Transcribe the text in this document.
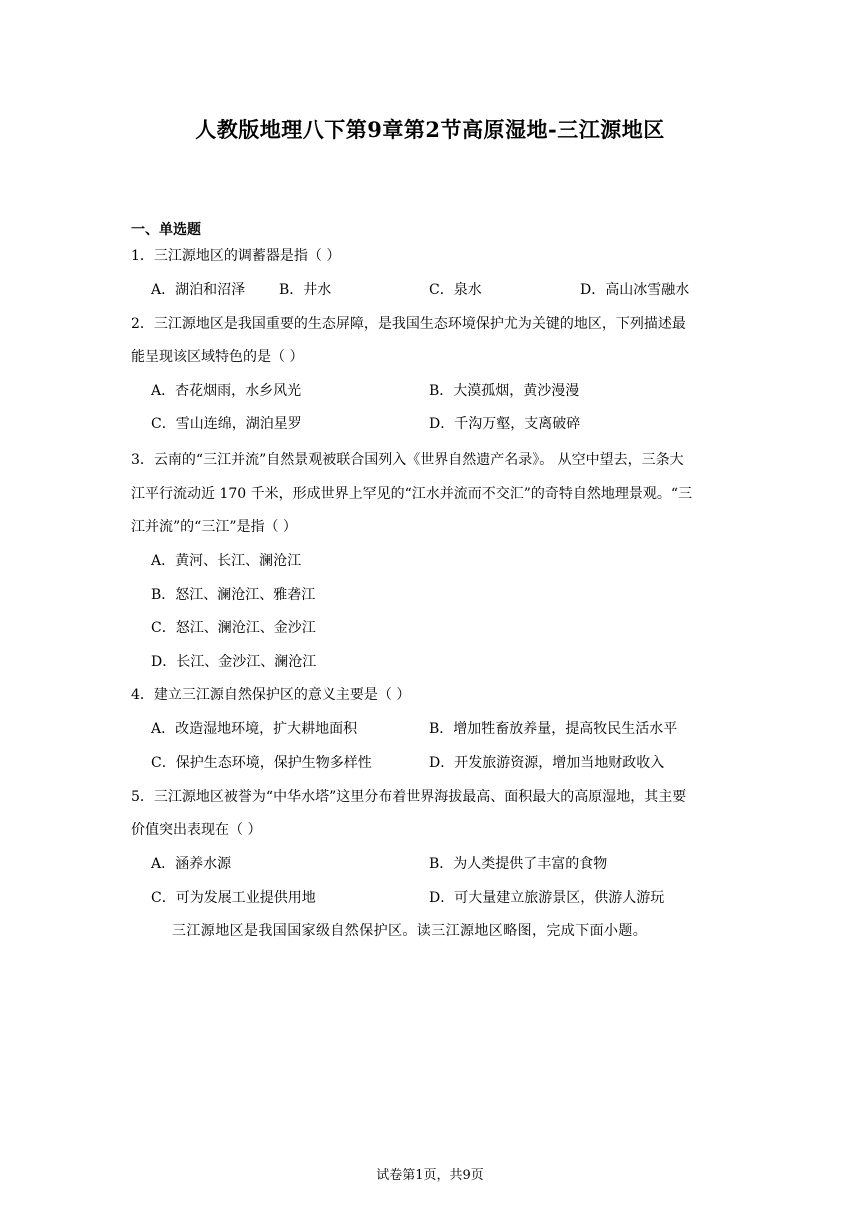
人教版地理八下第9章第2节高原湿地-三江源地区
一、单选题
1．三江源地区的调蓄器是指（ ）
A．湖泊和沼泽 B．井水	C．泉水	D．高山冰雪融水
2．三江源地区是我国重要的生态屏障，是我国生态环境保护尤为关键的地区，下列描述最
能呈现该区域特色的是（ ）
A．杏花烟雨，水乡风光	B．大漠孤烟，黄沙漫漫
C．雪山连绵，湖泊星罗	D．千沟万壑，支离破碎
3．云南的“三江并流”自然景观被联合国列入《世界自然遗产名录》。 从空中望去，三条大
江平行流动近 170 千米，形成世界上罕见的“江水并流而不交汇”的奇特自然地理景观。“三
江并流”的“三江”是指（ ）
A．黄河、长江、澜沧江
B．怒江、澜沧江、雅砻江
C．怒江、澜沧江、金沙江
D．长江、金沙江、澜沧江
4．建立三江源自然保护区的意义主要是（ ）
A．改造湿地环境，扩大耕地面积	B．增加牲畜放养量，提高牧民生活水平
C．保护生态环境，保护生物多样性	D．开发旅游资源，增加当地财政收入
5．三江源地区被誉为“中华水塔”这里分布着世界海拔最高、面积最大的高原湿地，其主要
价值突出表现在（ ）
A．涵养水源	B．为人类提供了丰富的食物
C．可为发展工业提供用地	D．可大量建立旅游景区，供游人游玩
三江源地区是我国国家级自然保护区。读三江源地区略图，完成下面小题。
试卷第1页，共9页
